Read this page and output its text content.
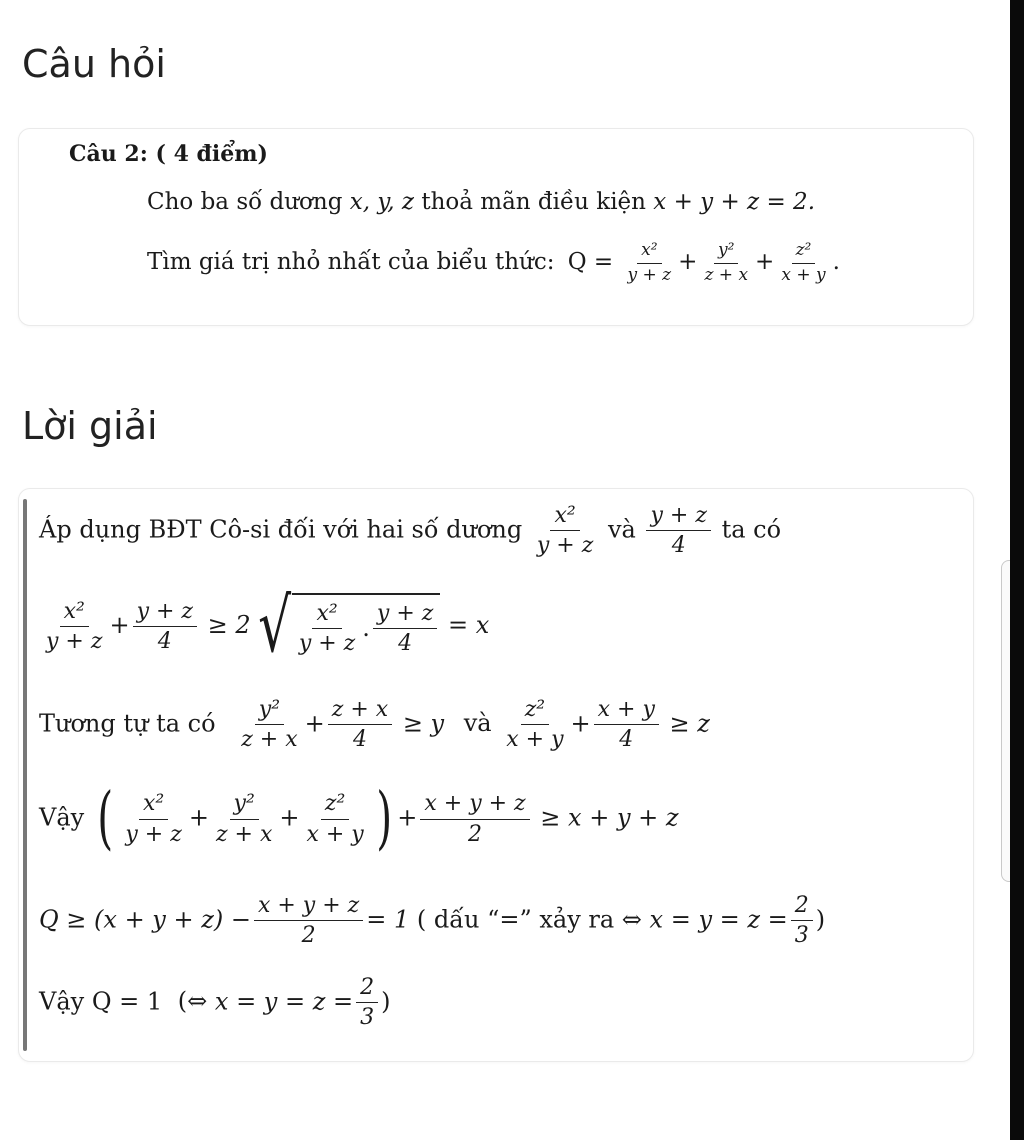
Câu hỏi
Câu 2: ( 4 điểm)
Cho ba số dương x, y, z thoả mãn điều kiện x + y + z = 2.
Tìm giá trị nhỏ nhất của biểu thức: $Q = \frac{\text{x²}}{y + z} + \frac{\text{y²}}{z + x} + \frac{\text{z²}}{x + y}$ .
Lời giải
Áp dụng BĐT Cô-si đối với hai số dương $\frac{\text{x²}}{y + z}$ và $\frac{y + z}{4}$ ta có
$\frac{\text{x²}}{y + z} + \frac{y + z}{4} \ge 2$ √ $\frac{\text{x²}}{y + z}$ . $\frac{y + z}{4} = x$
Tương tự ta có $\frac{\text{y²}}{z + x} + \frac{z + x}{4} \ge y$ và $\frac{\text{z²}}{x + y} + \frac{x + y}{4} \ge z$
Vậy ( $\frac{\text{x²}}{y + z} + \frac{\text{y²}}{z + x} + \frac{\text{z²}}{x + y}$ ) + $\frac{x + y + z}{2} \ge x + y + z$
$Q \ge (x + y + z) - \frac{x + y + z}{2} = 1$ ( dấu “=” xảy ra ⇔ $x = y = z = \frac{2}{3}$ )
Vậy Q = 1 (⇔ $x = y = z = \frac{2}{3}$ )
